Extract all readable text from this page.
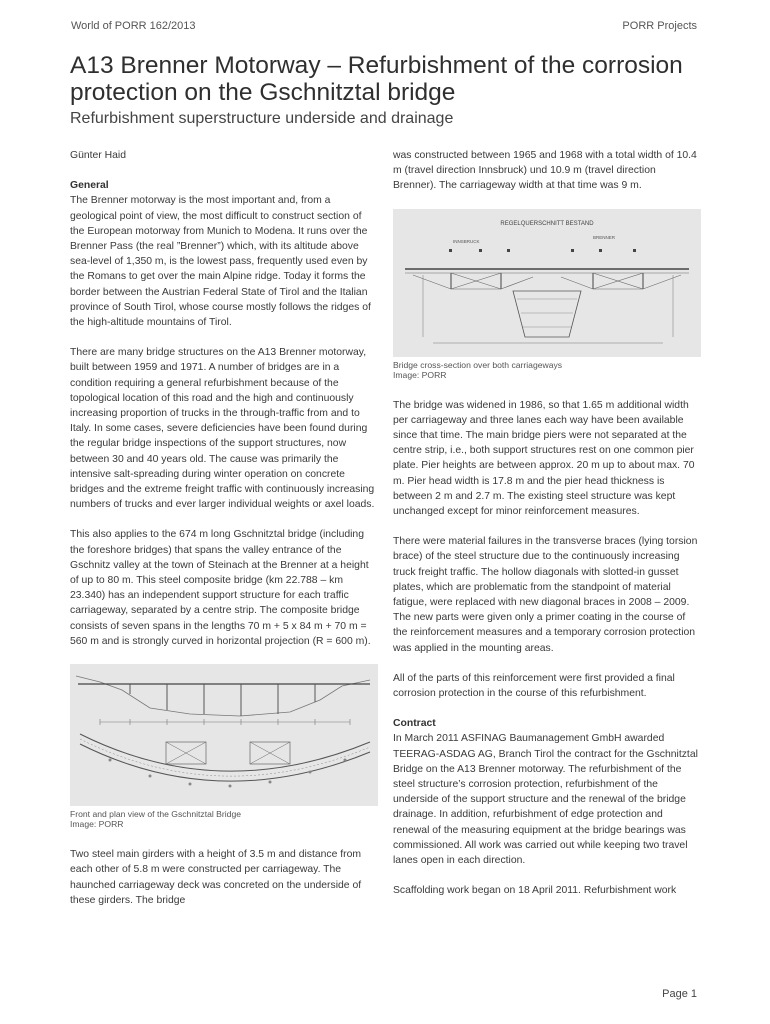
World of PORR 162/2013	PORR Projects
A13 Brenner Motorway – Refurbishment of the corrosion protection on the Gschnitztal bridge
Refurbishment superstructure underside and drainage

Günter Haid

General

The Brenner motorway is the most important and, from a geological point of view, the most difficult to construct section of the European motorway from Munich to Modena. It runs over the Brenner Pass (the real ”Brenner”) which, with its altitude above sea-level of 1,350 m, is the lowest pass, frequently used even by the Romans to get over the main Alpine ridge. Today it forms the border between the Austrian Federal State of Tirol and the Italian province of South Tirol, whose course mostly follows the ridges of the high-altitude mountains of Tirol.

There are many bridge structures on the A13 Brenner motorway, built between 1959 and 1971. A number of bridges are in a condition requiring a general refurbishment because of the topological location of this road and the high and continuously increasing proportion of trucks in the through-traffic from and to Italy. In some cases, severe deficiencies have been found during the regular bridge inspections of the support structures, now between 30 and 40 years old. The cause was primarily the intensive salt-spreading during winter operation on concrete bridges and the extreme freight traffic with continuously increasing numbers of trucks and ever larger individual weights or axel loads.

This also applies to the 674 m long Gschnitztal bridge (including the foreshore bridges) that spans the valley entrance of the Gschnitz valley at the town of Steinach at the Brenner at a height of up to 80 m. This steel composite bridge (km 22.788 – km 23.340) has an independent support structure for each traffic carriageway, separated by a centre strip. The composite bridge consists of seven spans in the lengths 70 m + 5 x 84 m + 70 m = 560 m and is strongly curved in horizontal projection (R = 600 m).

Front and plan view of the Gschnitztal Bridge
Image: PORR

Two steel main girders with a height of 3.5 m and distance from each other of 5.8 m were constructed per carriageway. The haunched carriageway deck was concreted on the underside of these girders. The bridge

was constructed between 1965 and 1968 with a total width of 10.4 m (travel direction Innsbruck) und 10.9 m (travel direction Brenner). The carriageway width at that time was 9 m.

REGELQUERSCHNITT BESTAND
INNSBRUCK
BRENNER
Bridge cross-section over both carriageways
Image: PORR

The bridge was widened in 1986, so that 1.65 m additional width per carriageway and three lanes each way have been available since that time. The main bridge piers were not separated at the centre strip, i.e., both support structures rest on one common pier plate. Pier heights are between approx. 20 m up to about max. 70 m. Pier head width is 17.8 m and the pier head thickness is between 2 m and 2.7 m. The existing steel structure was kept unchanged except for minor reinforcement measures.

There were material failures in the transverse braces (lying torsion brace) of the steel structure due to the continuously increasing truck freight traffic. The hollow diagonals with slotted-in gusset plates, which are problematic from the standpoint of material fatigue, were replaced with new diagonal braces in 2008 – 2009. The new parts were given only a primer coating in the course of the reinforcement measures and a temporary corrosion protection was applied in the mounting areas.

All of the parts of this reinforcement were first provided a final corrosion protection in the course of this refurbishment.

Contract

In March 2011 ASFINAG Baumanagement GmbH awarded TEERAG-ASDAG AG, Branch Tirol the contract for the Gschnitztal Bridge on the A13 Brenner motorway. The refurbishment of the steel structure’s corrosion protection, refurbishment of the underside of the support structure and the renewal of the bridge drainage. In addition, refurbishment of edge protection and renewal of the measuring equipment at the bridge bearings was commissioned. All work was carried out while keeping two travel lanes open in each direction.

Scaffolding work began on 18 April 2011. Refurbishment work

Page 1
